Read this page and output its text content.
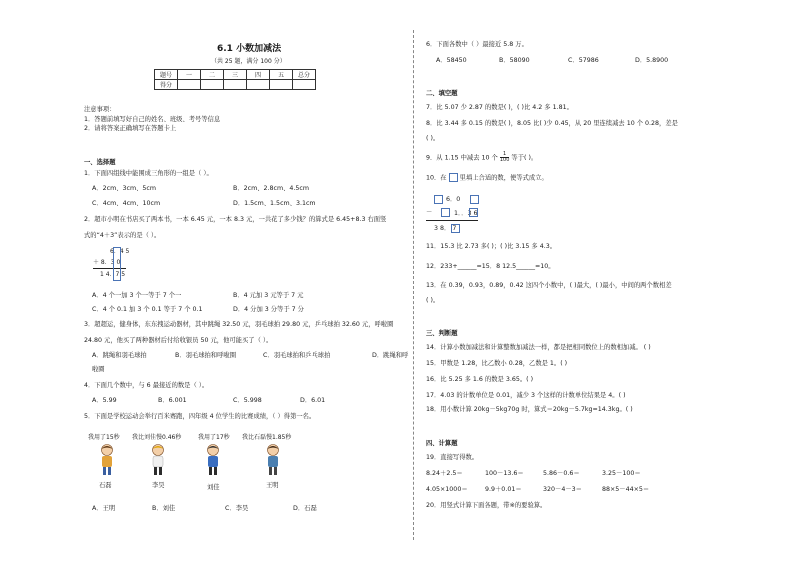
6.1 小数加减法
（共 25 题，满分 100 分）
题号	一	二	三	四	五	总分
得分						
注意事项：
1．答题前填写好自己的姓名、班级、考号等信息
2．请将答案正确填写在答题卡上
一、选择题
1．下面四组线中能围成三角形的一组是（ ）。
A．2cm、3cm、5cm	B．2cm、2.8cm、4.5cm
C．4cm、4cm、10cm	D．1.5cm、1.5cm、3.1cm
2．超市小明在书店买了两本书，一本 6.45 元，一本 8.3 元，一共花了多少钱？的算式是 6.45+8.3 右面竖
式的“4＋3”表示的是（ ）。
6．4 5
＋ 8．3 0
1 4．7 5
A．4 个一加 3 个一等于 7 个一	B．4 元加 3 元等于 7 元
C．4 个 0.1 加 3 个 0.1 等于 7 个 0.1	D．4 分加 3 分等于 7 分
3．超超运，健身体，东东拽运动器材，其中跳绳 32.50 元，羽毛球拍 29.80 元，乒乓球拍 32.60 元，呼啦圈
24.80 元，他买了两种器材后付给收银员 50 元，他可能买了（ ）。
A．跳绳和羽毛球拍	B．羽毛球拍和呼啦圈	C．羽毛球拍和乒乓球拍	D．跳绳和呼
啦圈
4．下面几个数中，与 6 最接近的数是（ ）。
A．5.99	B．6.001	C．5.998	D．6.01
5．下面是学校运动会举行百米赛跑，四年级 4 位学生的比赛成绩，（ ）得第一名。
我用了15秒 我比刘佳慢0.46秒	我用了17秒 我比石磊慢1.85秒
石磊	李昊	刘佳	王明
A．王明	B．刘佳	C．李昊	D．石磊
6．下面各数中（ ）最接近 5.8 万。
A．58450	B．58090	C．57986	D．5.8900
二、填空题
7．比 5.07 少 2.87 的数是( )，( )比 4.2 多 1.81。
8．比 3.44 多 0.15 的数是( )，8.05 比( )少 0.45，从 20 里连续减去 10 个 0.28，差是
( )。
9．从 1.15 中减去 10 个 $\frac{1}{100}$ 等于( )。
10．在 里填上合适的数，使等式成立。
6．0
－	1．．3 6
3 8． 7
11．15.3 比 2.73 多( )；( )比 3.15 多 4.3。
12．233+______=15．8 12.5______=10。
13．在 0.39，0.93，0.89，0.42 这四个小数中，( )最大，( )最小，中间的两个数相差
( )。
三、判断题
14．计算小数加减法和计算整数加减法一样，都是把相同数位上的数相加减。 ( )
15．甲数是 1.28，比乙数小 0.28，乙数是 1。( )
16．比 5.25 多 1.6 的数是 3.65。( )
17．4.03 的计数单位是 0.01，减少 3 个这样的计数单位结果是 4。( )
18．用小数计算 20kg－5kg70g 时，算式＝20kg－5.7kg=14.3kg。( )
四、计算题
19．直接写得数。
8.24＋2.5＝	100－13.6＝	5.86－0.6＝	3.25－100＝
4.05×1000＝	9.9＋0.01＝	320－4－3＝	88×5－44×5＝
20．用竖式计算下面各题，带※的要验算。
